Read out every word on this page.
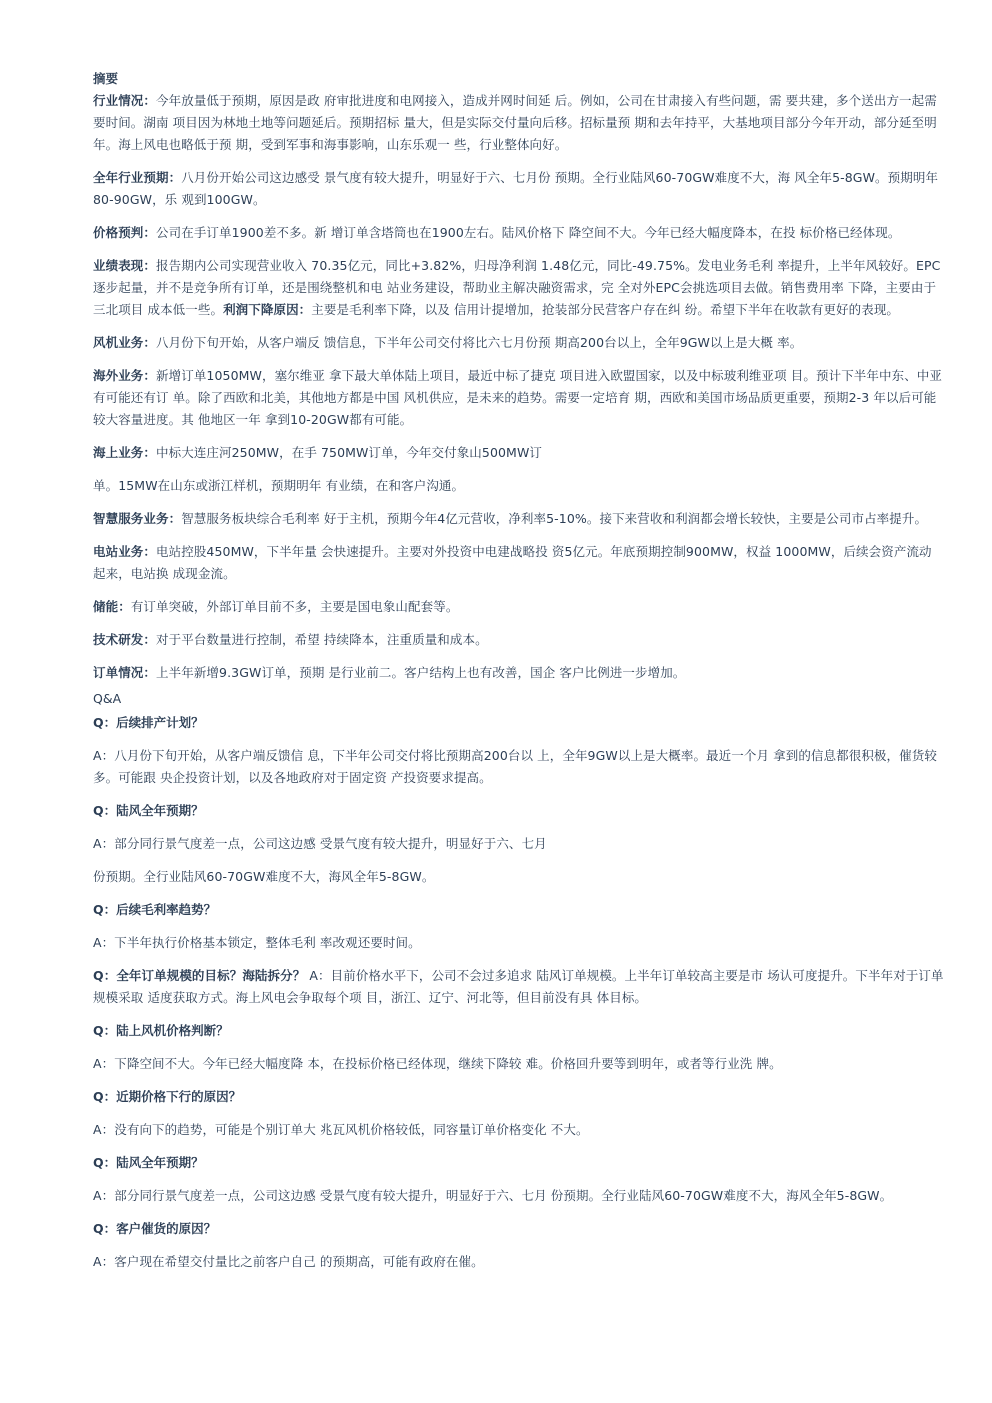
摘要

行业情况：今年放量低于预期，原因是政 府审批进度和电网接入，造成并网时间延 后。例如，公司在甘肃接入有些问题，需 要共建，多个送出方一起需要时间。湖南 项目因为林地土地等问题延后。预期招标 量大，但是实际交付量向后移。招标量预 期和去年持平，大基地项目部分今年开动，部分延至明年。海上风电也略低于预 期，受到军事和海事影响，山东乐观一 些，行业整体向好。

全年行业预期：八月份开始公司这边感受 景气度有较大提升，明显好于六、七月份 预期。全行业陆风60-70GW难度不大，海 风全年5-8GW。预期明年80-90GW，乐 观到100GW。

价格预判：公司在手订单1900差不多。新 增订单含塔筒也在1900左右。陆风价格下 降空间不大。今年已经大幅度降本，在投 标价格已经体现。

业绩表现：报告期内公司实现营业收入 70.35亿元，同比+3.82%，归母净利润 1.48亿元，同比-49.75%。发电业务毛利 率提升，上半年风较好。EPC逐步起量，并不是竞争所有订单，还是围绕整机和电 站业务建设，帮助业主解决融资需求，完 全对外EPC会挑选项目去做。销售费用率 下降，主要由于三北项目 成本低一些。利润下降原因：主要是毛利率下降，以及 信用计提增加，抢装部分民营客户存在纠 纷。希望下半年在收款有更好的表现。

风机业务：八月份下旬开始，从客户端反 馈信息，下半年公司交付将比六七月份预 期高200台以上，全年9GW以上是大概 率。

海外业务：新增订单1050MW，塞尔维亚 拿下最大单体陆上项目，最近中标了捷克 项目进入欧盟国家，以及中标玻利维亚项 目。预计下半年中东、中亚有可能还有订 单。除了西欧和北美，其他地方都是中国 风机供应，是未来的趋势。需要一定培育 期，西欧和美国市场品质更重要，预期2-3 年以后可能较大容量进度。其 他地区一年 拿到10-20GW都有可能。

海上业务：中标大连庄河250MW，在手 750MW订单，今年交付象山500MW订

单。15MW在山东或浙江样机，预期明年 有业绩，在和客户沟通。

智慧服务业务：智慧服务板块综合毛利率 好于主机，预期今年4亿元营收，净利率5-10%。接下来营收和利润都会增长较快，主要是公司市占率提升。

电站业务：电站控股450MW，下半年量 会快速提升。主要对外投资中电建战略投 资5亿元。年底预期控制900MW，权益 1000MW，后续会资产流动起来，电站换 成现金流。

储能：有订单突破，外部订单目前不多，主要是国电象山配套等。

技术研发：对于平台数量进行控制，希望 持续降本，注重质量和成本。

订单情况：上半年新增9.3GW订单，预期 是行业前二。客户结构上也有改善，国企 客户比例进一步增加。

Q&A

Q：后续排产计划？

A：八月份下旬开始，从客户端反馈信 息，下半年公司交付将比预期高200台以 上，全年9GW以上是大概率。最近一个月 拿到的信息都很积极，催货较多。可能跟 央企投资计划，以及各地政府对于固定资 产投资要求提高。

Q：陆风全年预期？

A：部分同行景气度差一点，公司这边感 受景气度有较大提升，明显好于六、七月

份预期。全行业陆风60-70GW难度不大，海风全年5-8GW。

Q：后续毛利率趋势？

A：下半年执行价格基本锁定，整体毛利 率改观还要时间。

Q：全年订单规模的目标？海陆拆分？ A：目前价格水平下，公司不会过多追求 陆风订单规模。上半年订单较高主要是市 场认可度提升。下半年对于订单规模采取 适度获取方式。海上风电会争取每个项 目，浙江、辽宁、河北等，但目前没有具 体目标。

Q：陆上风机价格判断？

A：下降空间不大。今年已经大幅度降 本，在投标价格已经体现，继续下降较 难。价格回升要等到明年，或者等行业洗 牌。

Q：近期价格下行的原因？

A：没有向下的趋势，可能是个别订单大 兆瓦风机价格较低，同容量订单价格变化 不大。

Q：陆风全年预期？

A：部分同行景气度差一点，公司这边感 受景气度有较大提升，明显好于六、七月 份预期。全行业陆风60-70GW难度不大，海风全年5-8GW。

Q：客户催货的原因？

A：客户现在希望交付量比之前客户自己 的预期高，可能有政府在催。
